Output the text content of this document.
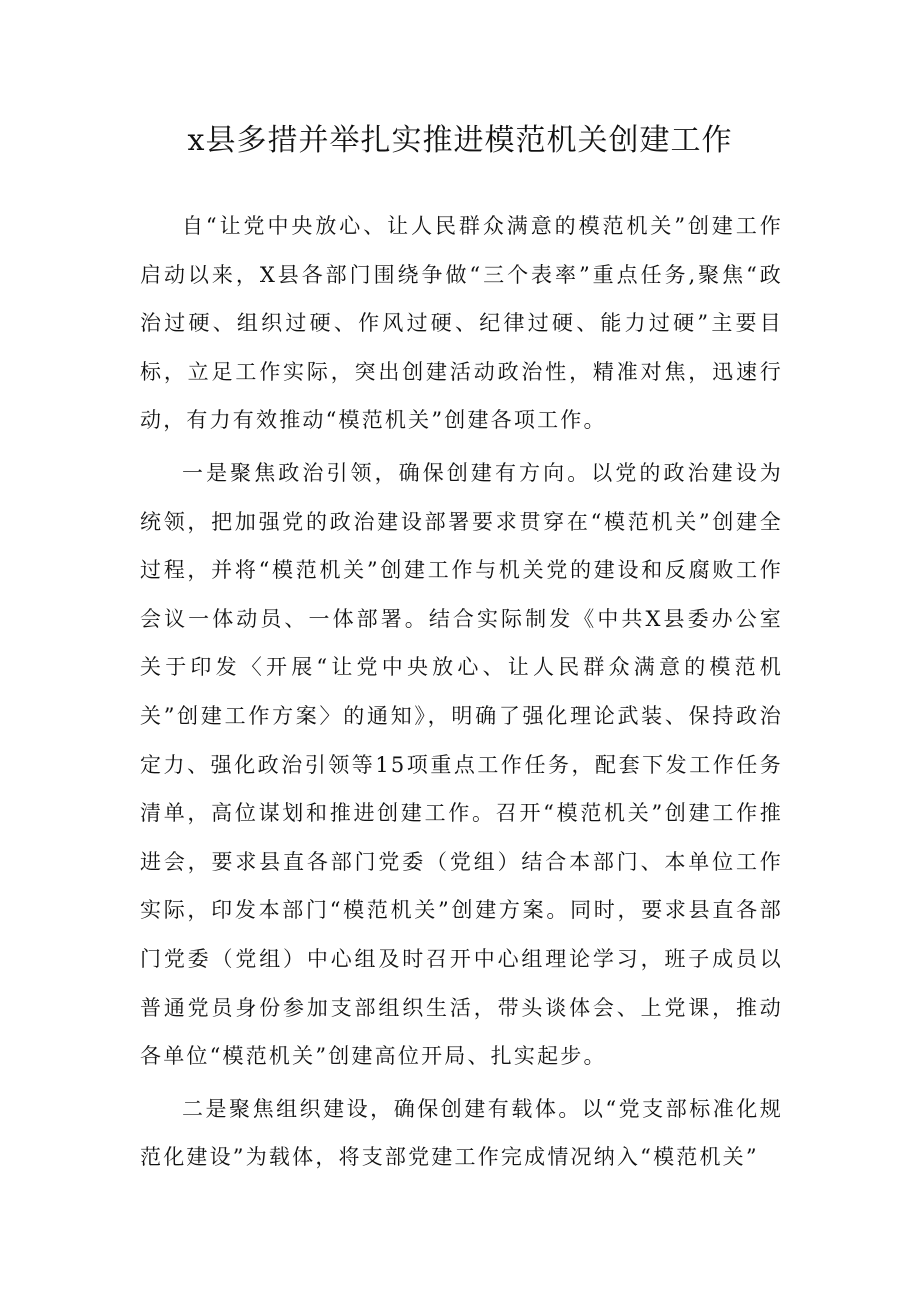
x县多措并举扎实推进模范机关创建工作

自“让党中央放心、让人民群众满意的模范机关”创建工作启动以来，X县各部门围绕争做“三个表率”重点任务,聚焦“政治过硬、组织过硬、作风过硬、纪律过硬、能力过硬”主要目标，立足工作实际，突出创建活动政治性，精准对焦，迅速行动，有力有效推动“模范机关”创建各项工作。

一是聚焦政治引领，确保创建有方向。以党的政治建设为统领，把加强党的政治建设部署要求贯穿在“模范机关”创建全过程，并将“模范机关”创建工作与机关党的建设和反腐败工作会议一体动员、一体部署。结合实际制发《中共X县委办公室关于印发〈开展“让党中央放心、让人民群众满意的模范机关”创建工作方案〉的通知》，明确了强化理论武装、保持政治定力、强化政治引领等15项重点工作任务，配套下发工作任务清单，高位谋划和推进创建工作。召开“模范机关”创建工作推进会，要求县直各部门党委（党组）结合本部门、本单位工作实际，印发本部门“模范机关”创建方案。同时，要求县直各部门党委（党组）中心组及时召开中心组理论学习，班子成员以普通党员身份参加支部组织生活，带头谈体会、上党课，推动各单位“模范机关”创建高位开局、扎实起步。

二是聚焦组织建设，确保创建有载体。以“党支部标准化规范化建设”为载体，将支部党建工作完成情况纳入“模范机关”
